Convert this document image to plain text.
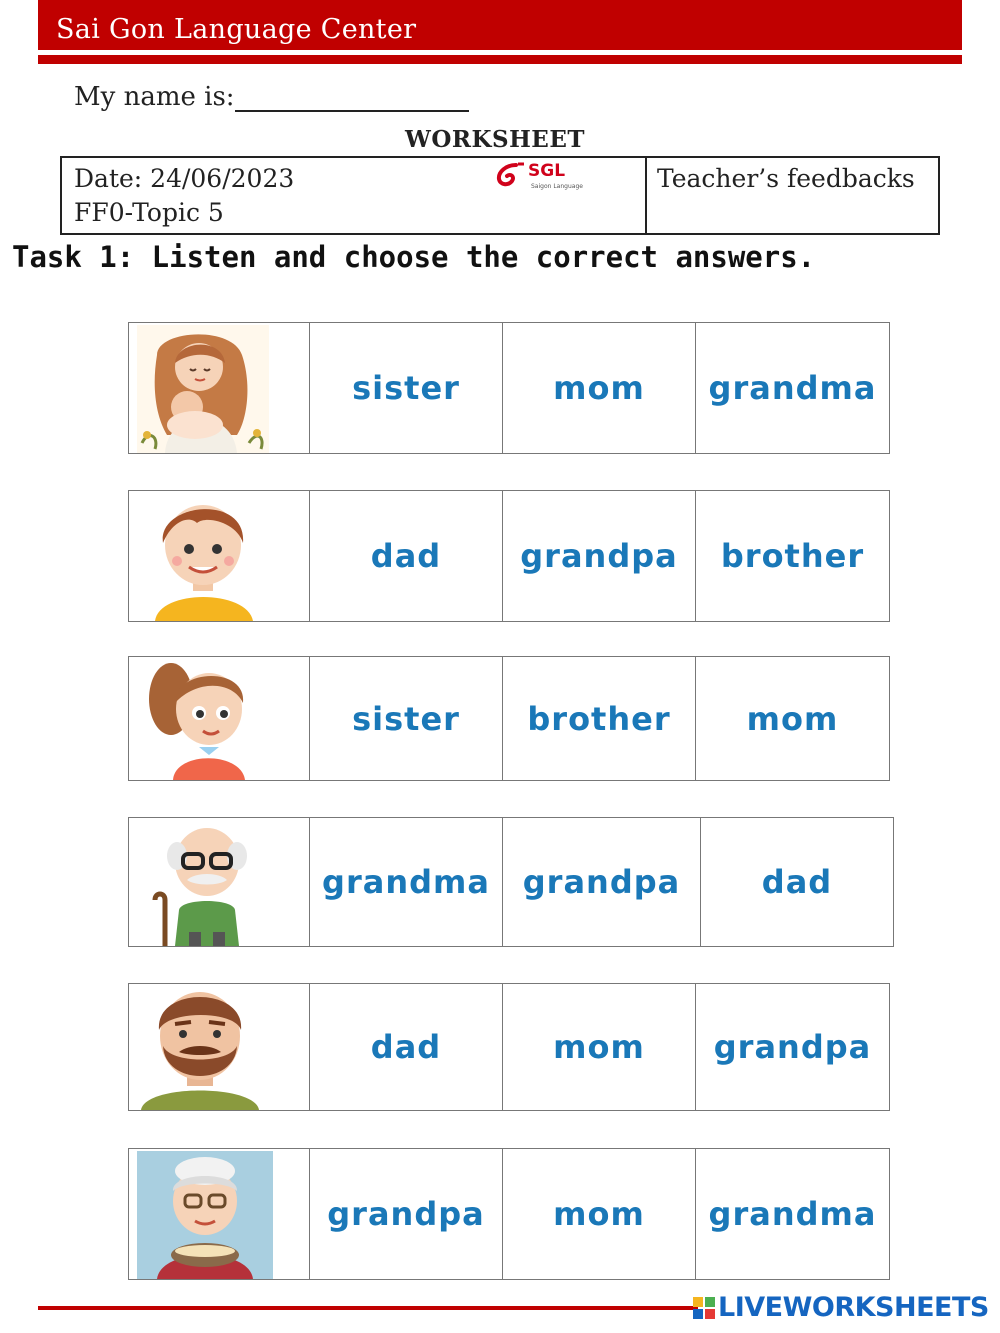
Sai Gon Language Center
My name is:
WORKSHEET
Date: 24/06/2023
FF0-Topic 5
SGL
Saigon Language	Teacher’s feedbacks
Task 1: Listen and choose the correct answers.
sister	mom	grandma
dad	grandpa	brother
sister	brother	mom
grandma	grandpa	dad
dad	mom	grandpa
grandpa	mom	grandma
LIVEWORKSHEETS
